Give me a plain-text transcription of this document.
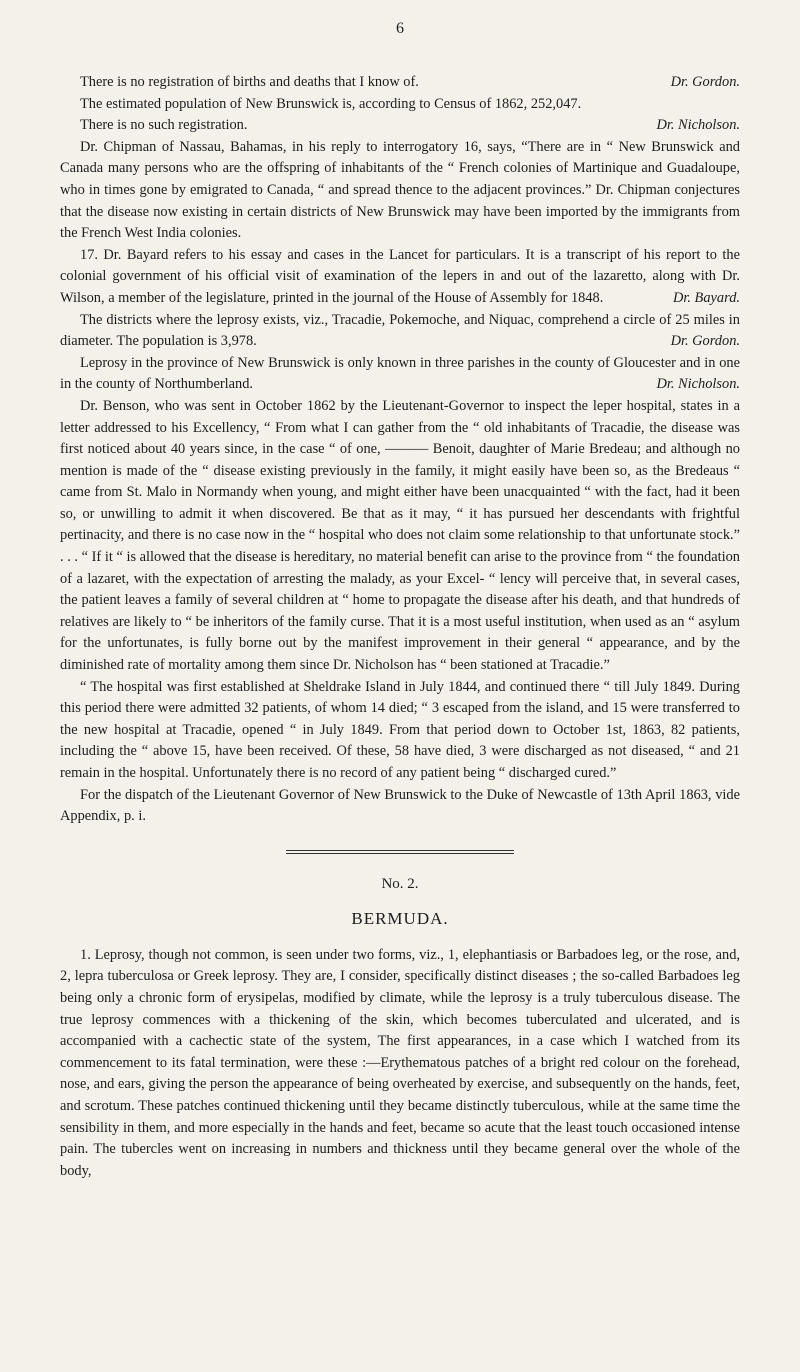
6

Dr. Gordon.
There is no registration of births and deaths that I know of.

The estimated population of New Brunswick is, according to Census of 1862, 252,047.

Dr. Nicholson.
There is no such registration.

Dr. Chipman of Nassau, Bahamas, in his reply to interrogatory 16, says, “There are in “ New Brunswick and Canada many persons who are the offspring of inhabitants of the “ French colonies of Martinique and Guadaloupe, who in times gone by emigrated to Canada, “ and spread thence to the adjacent provinces.” Dr. Chipman conjectures that the disease now existing in certain districts of New Brunswick may have been imported by the immigrants from the French West India colonies.

17. Dr. Bayard refers to his essay and cases in the Lancet for particulars. It is a transcript of his report to the colonial government of his official visit of examination of the lepers in and out of the lazaretto, along with Dr. Wilson, a member of the legislature, printed in the journal of the House of Assembly for 1848.	Dr. Bayard.

The districts where the leprosy exists, viz., Tracadie, Pokemoche, and Niquac, comprehend a circle of 25 miles in diameter. The population is 3,978.	Dr. Gordon.

Leprosy in the province of New Brunswick is only known in three parishes in the county of Gloucester and in one in the county of Northumberland.	Dr. Nicholson.

Dr. Benson, who was sent in October 1862 by the Lieutenant-Governor to inspect the leper hospital, states in a letter addressed to his Excellency, “ From what I can gather from the “ old inhabitants of Tracadie, the disease was first noticed about 40 years since, in the case “ of one, ——— Benoit, daughter of Marie Bredeau; and although no mention is made of the “ disease existing previously in the family, it might easily have been so, as the Bredeaus “ came from St. Malo in Normandy when young, and might either have been unacquainted “ with the fact, had it been so, or unwilling to admit it when discovered. Be that as it may, “ it has pursued her descendants with frightful pertinacity, and there is no case now in the “ hospital who does not claim some relationship to that unfortunate stock.” . . . “ If it “ is allowed that the disease is hereditary, no material benefit can arise to the province from “ the foundation of a lazaret, with the expectation of arresting the malady, as your Excel- “ lency will perceive that, in several cases, the patient leaves a family of several children at “ home to propagate the disease after his death, and that hundreds of relatives are likely to “ be inheritors of the family curse. That it is a most useful institution, when used as an “ asylum for the unfortunates, is fully borne out by the manifest improvement in their general “ appearance, and by the diminished rate of mortality among them since Dr. Nicholson has “ been stationed at Tracadie.”

“ The hospital was first established at Sheldrake Island in July 1844, and continued there “ till July 1849. During this period there were admitted 32 patients, of whom 14 died; “ 3 escaped from the island, and 15 were transferred to the new hospital at Tracadie, opened “ in July 1849. From that period down to October 1st, 1863, 82 patients, including the “ above 15, have been received. Of these, 58 have died, 3 were discharged as not diseased, “ and 21 remain in the hospital. Unfortunately there is no record of any patient being “ discharged cured.”

For the dispatch of the Lieutenant Governor of New Brunswick to the Duke of Newcastle of 13th April 1863, vide Appendix, p. i.

No. 2.
BERMUDA.

1. Leprosy, though not common, is seen under two forms, viz., 1, elephantiasis or Barbadoes leg, or the rose, and, 2, lepra tuberculosa or Greek leprosy. They are, I consider, specifically distinct diseases ; the so-called Barbadoes leg being only a chronic form of erysipelas, modified by climate, while the leprosy is a truly tuberculous disease. The true leprosy commences with a thickening of the skin, which becomes tuberculated and ulcerated, and is accompanied with a cachectic state of the system, The first appearances, in a case which I watched from its commencement to its fatal termination, were these :—Erythematous patches of a bright red colour on the forehead, nose, and ears, giving the person the appearance of being overheated by exercise, and subsequently on the hands, feet, and scrotum. These patches continued thickening until they became distinctly tuberculous, while at the same time the sensibility in them, and more especially in the hands and feet, became so acute that the least touch occasioned intense pain. The tubercles went on increasing in numbers and thickness until they became general over the whole of the body,
